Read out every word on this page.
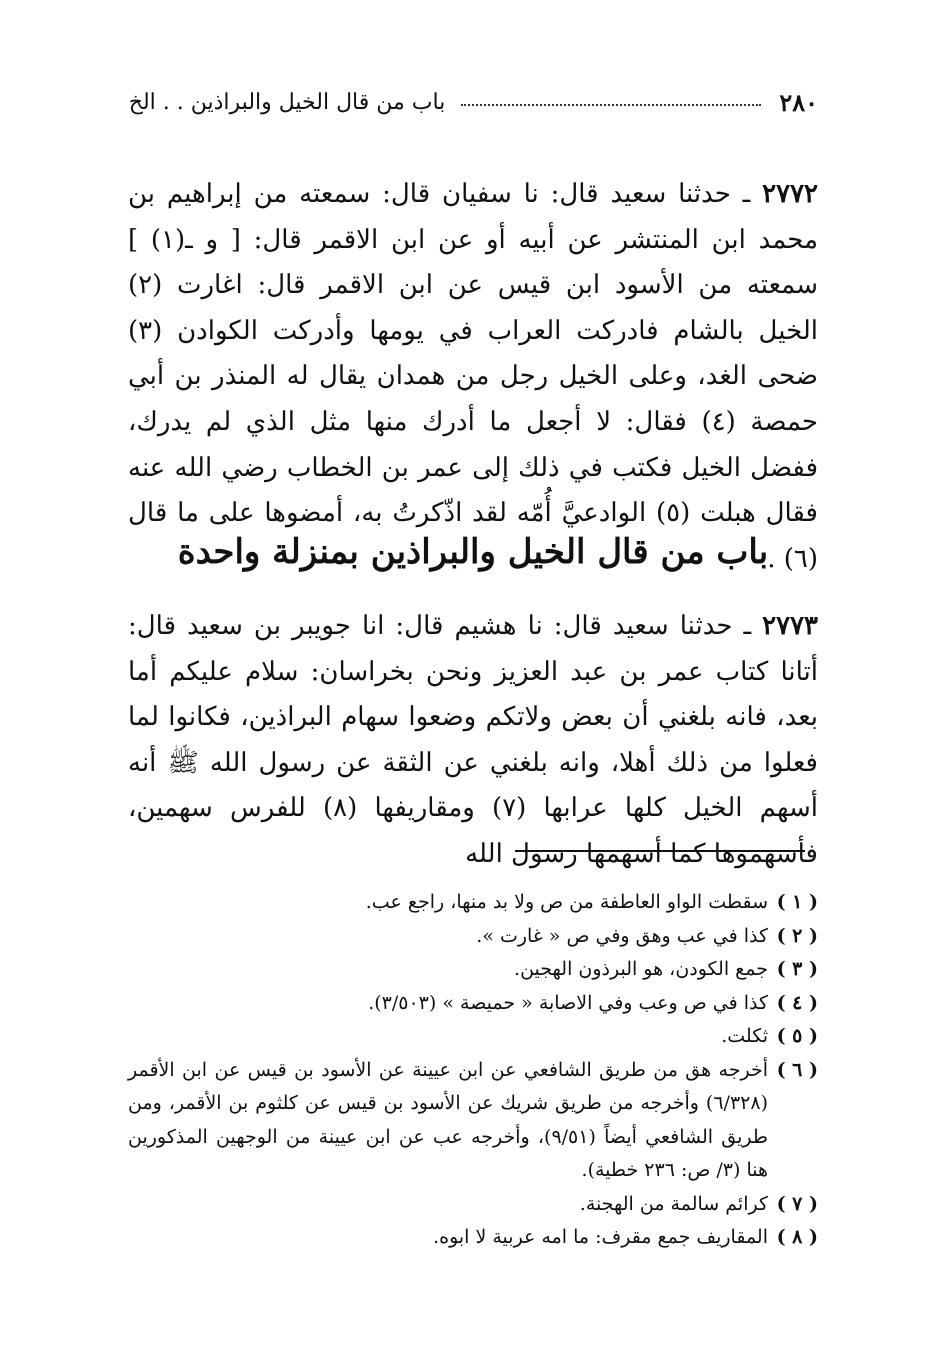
٢٨٠
باب من قال الخيل والبراذين . . الخ

٢٧٧٢ ـ حدثنا سعيد قال: نا سفيان قال: سمعته من إبراهيم بن محمد ابن المنتشر عن أبيه أو عن ابن الاقمر قال: [ و ـ(١) ] سمعته من الأسود ابن قيس عن ابن الاقمر قال: اغارت (٢) الخيل بالشام فادركت العراب في يومها وأدركت الكوادن (٣) ضحى الغد، وعلى الخيل رجل من همدان يقال له المنذر بن أبي حمصة (٤) فقال: لا أجعل ما أدرك منها مثل الذي لم يدرك، ففضل الخيل فكتب في ذلك إلى عمر بن الخطاب رضي الله عنه فقال هبلت (٥) الوادعيَّ أُمّه لقد اذّكرتُ به، أمضوها على ما قال (٦) .

باب من قال الخيل والبراذين بمنزلة واحدة

٢٧٧٣ ـ حدثنا سعيد قال: نا هشيم قال: انا جويبر بن سعيد قال: أتانا كتاب عمر بن عبد العزيز ونحن بخراسان: سلام عليكم أما بعد، فانه بلغني أن بعض ولاتكم وضعوا سهام البراذين، فكانوا لما فعلوا من ذلك أهلا، وانه بلغني عن الثقة عن رسول الله ﷺ أنه أسهم الخيل كلها عرابها (٧) ومقاريفها (٨) للفرس سهمين، فأسهموها كما أسهمها رسول الله

( ١ )
سقطت الواو العاطفة من ص ولا بد منها، راجع عب.
( ٢ )
كذا في عب وهق وفي ص « غارت ».
( ٣ )
جمع الكودن، هو البرذون الهجين.
( ٤ )
كذا في ص وعب وفي الاصابة « حميصة » (٣/٥٠٣).
( ٥ )
ثكلت.
( ٦ )
أخرجه هق من طريق الشافعي عن ابن عيينة عن الأسود بن قيس عن ابن الأقمر (٦/٣٢٨) وأخرجه من طريق شريك عن الأسود بن قيس عن كلثوم بن الأقمر، ومن طريق الشافعي أيضاً (٩/٥١)، وأخرجه عب عن ابن عيينة من الوجهين المذكورين هنا (٣/ ص: ٢٣٦ خطية).
( ٧ )
كرائم سالمة من الهجنة.
( ٨ )
المقاريف جمع مقرف: ما امه عربية لا ابوه.
